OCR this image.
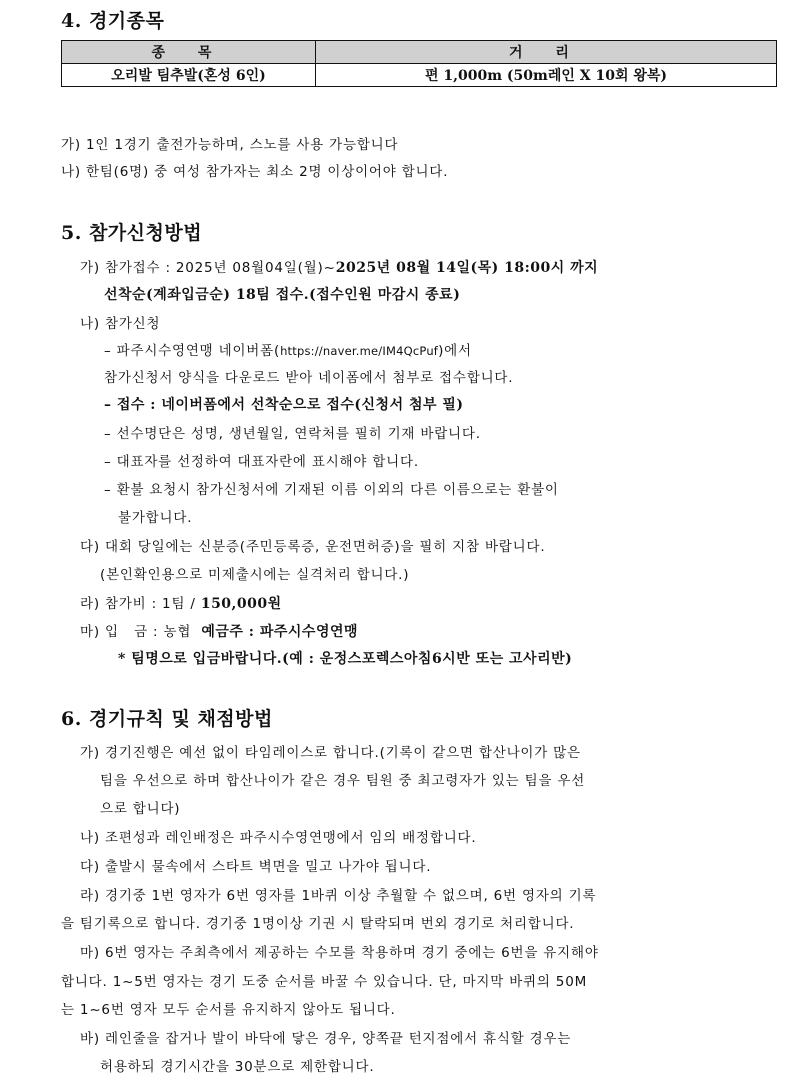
4. 경기종목
종 목	거 리
오리발 팀추발(혼성 6인)	편 1,000m (50m레인 X 10회 왕복)
가) 1인 1경기 출전가능하며, 스노를 사용 가능합니다
나) 한팀(6명) 중 여성 참가자는 최소 2명 이상이어야 합니다.
5. 참가신청방법
가) 참가접수 : 2025년 08월04일(월)~2025년 08월 14일(목) 18:00시 까지
선착순(계좌입금순) 18팀 접수.(접수인원 마감시 종료)
나) 참가신청
– 파주시수영연맹 네이버폼(https://naver.me/IM4QcPuf)에서
참가신청서 양식을 다운로드 받아 네이폼에서 첨부로 접수합니다.
– 접수 : 네이버폼에서 선착순으로 접수(신청서 첨부 필)
– 선수명단은 성명, 생년월일, 연락처를 필히 기재 바랍니다.
– 대표자를 선정하여 대표자란에 표시해야 합니다.
– 환불 요청시 참가신청서에 기재된 이름 이외의 다른 이름으로는 환불이
불가합니다.
다) 대회 당일에는 신분증(주민등록증, 운전면허증)을 필히 지참 바랍니다.
(본인확인용으로 미제출시에는 실격처리 합니다.)
라) 참가비 : 1팀 / 150,000원
마) 입   금 : 농협  예금주 : 파주시수영연맹
* 팀명으로 입금바랍니다.(예 : 운정스포렉스아침6시반 또는 고사리반)
6. 경기규칙 및 채점방법
가) 경기진행은 예선 없이 타임레이스로 합니다.(기록이 같으면 합산나이가 많은
팀을 우선으로 하며 합산나이가 같은 경우 팀원 중 최고령자가 있는 팀을 우선
으로 합니다)
나) 조편성과 레인배정은 파주시수영연맹에서 임의 배정합니다.
다) 출발시 물속에서 스타트 벽면을 밀고 나가야 됩니다.
라) 경기중 1번 영자가 6번 영자를 1바퀴 이상 추월할 수 없으며, 6번 영자의 기록
을 팀기록으로 합니다. 경기중 1명이상 기권 시 탈락되며 번외 경기로 처리합니다.
마) 6번 영자는 주최측에서 제공하는 수모를 착용하며 경기 중에는 6번을 유지해야
합니다. 1~5번 영자는 경기 도중 순서를 바꿀 수 있습니다. 단, 마지막 바퀴의 50M
는 1~6번 영자 모두 순서를 유지하지 않아도 됩니다.
바) 레인줄을 잡거나 발이 바닥에 닿은 경우, 양쪽끝 턴지점에서 휴식할 경우는
허용하되 경기시간을 30분으로 제한합니다.
